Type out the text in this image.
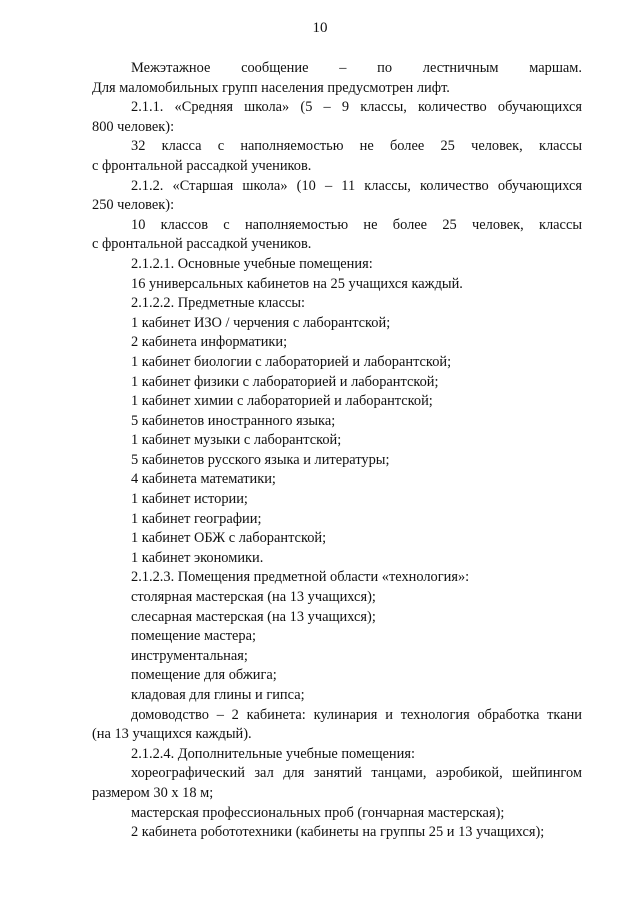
10

Межэтажное сообщение – по лестничным маршам.
Для маломобильных групп населения предусмотрен лифт.

2.1.1. «Средняя школа» (5 – 9 классы, количество обучающихся
800 человек):

32 класса с наполняемостью не более 25 человек, классы
с фронтальной рассадкой учеников.

2.1.2. «Старшая школа» (10 – 11 классы, количество обучающихся
250 человек):

10 классов с наполняемостью не более 25 человек, классы
с фронтальной рассадкой учеников.

2.1.2.1. Основные учебные помещения:

16 универсальных кабинетов на 25 учащихся каждый.

2.1.2.2. Предметные классы:

1 кабинет ИЗО / черчения с лаборантской;

2 кабинета информатики;

1 кабинет биологии с лабораторией и лаборантской;

1 кабинет физики с лабораторией и лаборантской;

1 кабинет химии с лабораторией и лаборантской;

5 кабинетов иностранного языка;

1 кабинет музыки с лаборантской;

5 кабинетов русского языка и литературы;

4 кабинета математики;

1 кабинет истории;

1 кабинет географии;

1 кабинет ОБЖ с лаборантской;

1 кабинет экономики.

2.1.2.3. Помещения предметной области «технология»:

столярная мастерская (на 13 учащихся);

слесарная мастерская (на 13 учащихся);

помещение мастера;

инструментальная;

помещение для обжига;

кладовая для глины и гипса;

домоводство – 2 кабинета: кулинария и технология обработка ткани
(на 13 учащихся каждый).

2.1.2.4. Дополнительные учебные помещения:

хореографический зал для занятий танцами, аэробикой, шейпингом
размером 30 х 18 м;

мастерская профессиональных проб (гончарная мастерская);

2 кабинета робототехники (кабинеты на группы 25 и 13 учащихся);
